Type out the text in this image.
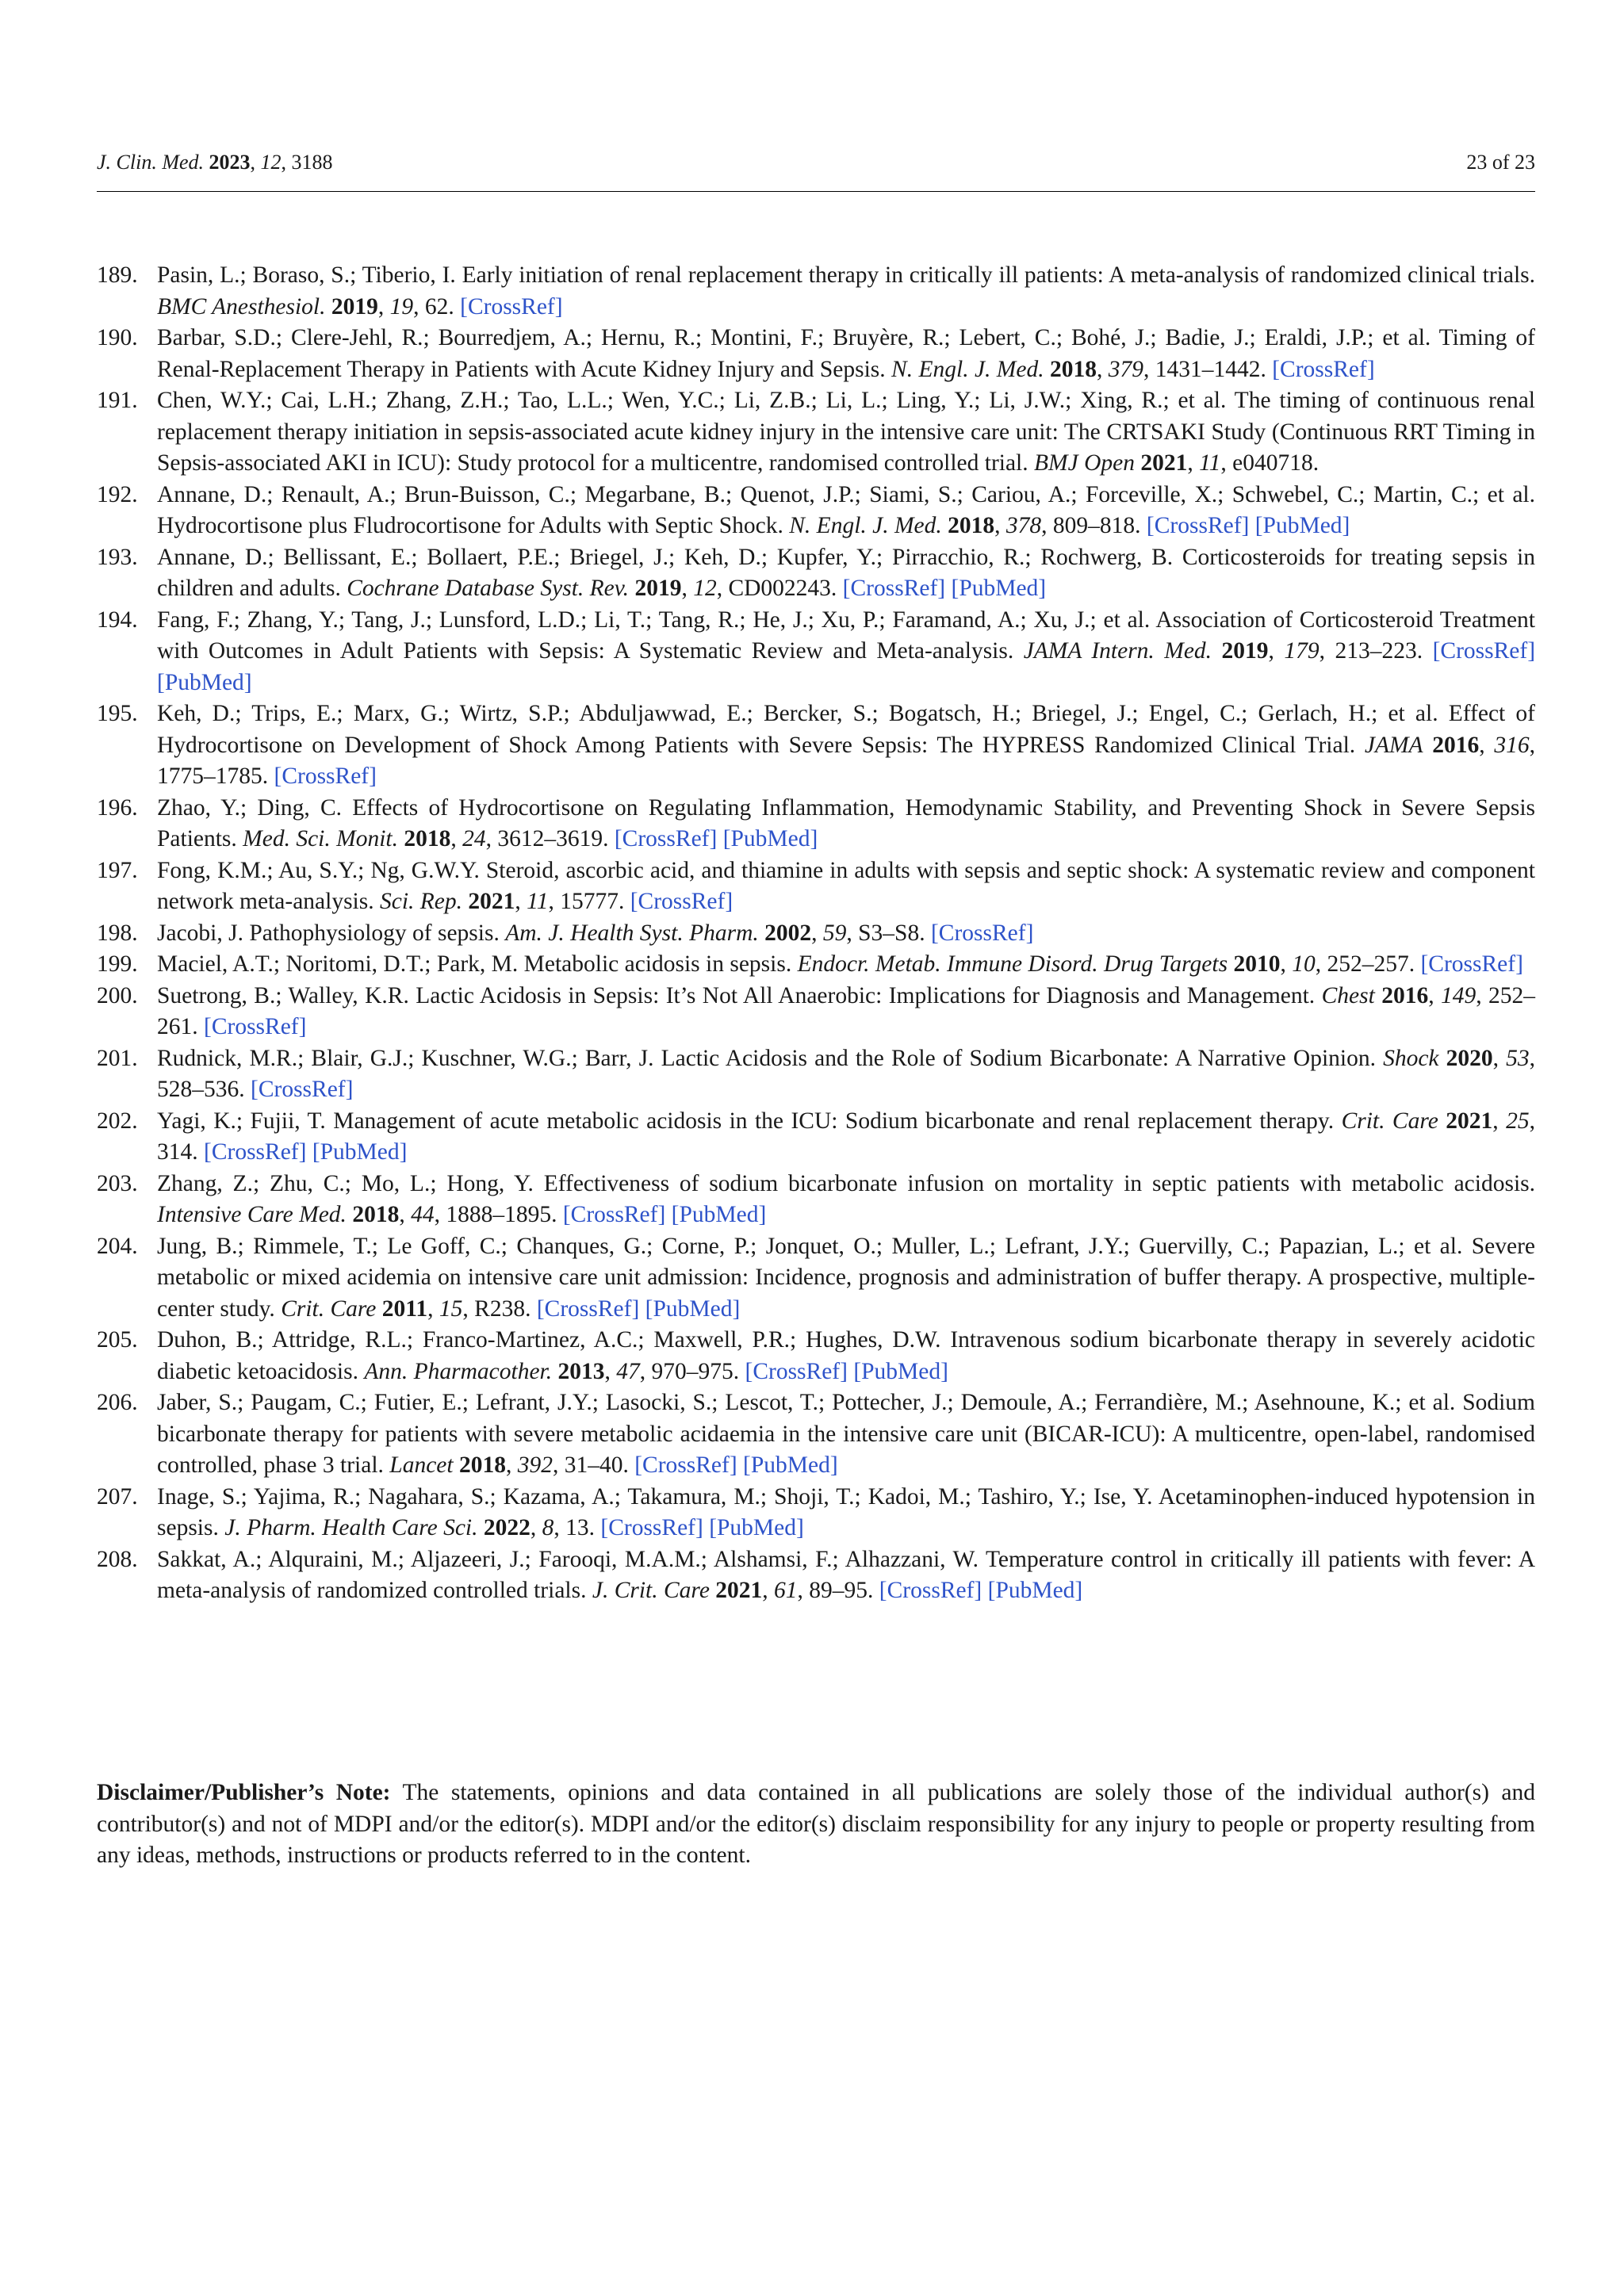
J. Clin. Med. 2023, 12, 3188	23 of 23
189. Pasin, L.; Boraso, S.; Tiberio, I. Early initiation of renal replacement therapy in critically ill patients: A meta-analysis of randomized clinical trials. BMC Anesthesiol. 2019, 19, 62. [CrossRef]
190. Barbar, S.D.; Clere-Jehl, R.; Bourredjem, A.; Hernu, R.; Montini, F.; Bruyère, R.; Lebert, C.; Bohé, J.; Badie, J.; Eraldi, J.P.; et al. Timing of Renal-Replacement Therapy in Patients with Acute Kidney Injury and Sepsis. N. Engl. J. Med. 2018, 379, 1431–1442. [CrossRef]
191. Chen, W.Y.; Cai, L.H.; Zhang, Z.H.; Tao, L.L.; Wen, Y.C.; Li, Z.B.; Li, L.; Ling, Y.; Li, J.W.; Xing, R.; et al. The timing of continuous renal replacement therapy initiation in sepsis-associated acute kidney injury in the intensive care unit: The CRTSAKI Study (Continuous RRT Timing in Sepsis-associated AKI in ICU): Study protocol for a multicentre, randomised controlled trial. BMJ Open 2021, 11, e040718.
192. Annane, D.; Renault, A.; Brun-Buisson, C.; Megarbane, B.; Quenot, J.P.; Siami, S.; Cariou, A.; Forceville, X.; Schwebel, C.; Martin, C.; et al. Hydrocortisone plus Fludrocortisone for Adults with Septic Shock. N. Engl. J. Med. 2018, 378, 809–818. [CrossRef] [PubMed]
193. Annane, D.; Bellissant, E.; Bollaert, P.E.; Briegel, J.; Keh, D.; Kupfer, Y.; Pirracchio, R.; Rochwerg, B. Corticosteroids for treating sepsis in children and adults. Cochrane Database Syst. Rev. 2019, 12, CD002243. [CrossRef] [PubMed]
194. Fang, F.; Zhang, Y.; Tang, J.; Lunsford, L.D.; Li, T.; Tang, R.; He, J.; Xu, P.; Faramand, A.; Xu, J.; et al. Association of Corticosteroid Treatment with Outcomes in Adult Patients with Sepsis: A Systematic Review and Meta-analysis. JAMA Intern. Med. 2019, 179, 213–223. [CrossRef] [PubMed]
195. Keh, D.; Trips, E.; Marx, G.; Wirtz, S.P.; Abduljawwad, E.; Bercker, S.; Bogatsch, H.; Briegel, J.; Engel, C.; Gerlach, H.; et al. Effect of Hydrocortisone on Development of Shock Among Patients with Severe Sepsis: The HYPRESS Randomized Clinical Trial. JAMA 2016, 316, 1775–1785. [CrossRef]
196. Zhao, Y.; Ding, C. Effects of Hydrocortisone on Regulating Inflammation, Hemodynamic Stability, and Preventing Shock in Severe Sepsis Patients. Med. Sci. Monit. 2018, 24, 3612–3619. [CrossRef] [PubMed]
197. Fong, K.M.; Au, S.Y.; Ng, G.W.Y. Steroid, ascorbic acid, and thiamine in adults with sepsis and septic shock: A systematic review and component network meta-analysis. Sci. Rep. 2021, 11, 15777. [CrossRef]
198. Jacobi, J. Pathophysiology of sepsis. Am. J. Health Syst. Pharm. 2002, 59, S3–S8. [CrossRef]
199. Maciel, A.T.; Noritomi, D.T.; Park, M. Metabolic acidosis in sepsis. Endocr. Metab. Immune Disord. Drug Targets 2010, 10, 252–257. [CrossRef]
200. Suetrong, B.; Walley, K.R. Lactic Acidosis in Sepsis: It’s Not All Anaerobic: Implications for Diagnosis and Management. Chest 2016, 149, 252–261. [CrossRef]
201. Rudnick, M.R.; Blair, G.J.; Kuschner, W.G.; Barr, J. Lactic Acidosis and the Role of Sodium Bicarbonate: A Narrative Opinion. Shock 2020, 53, 528–536. [CrossRef]
202. Yagi, K.; Fujii, T. Management of acute metabolic acidosis in the ICU: Sodium bicarbonate and renal replacement therapy. Crit. Care 2021, 25, 314. [CrossRef] [PubMed]
203. Zhang, Z.; Zhu, C.; Mo, L.; Hong, Y. Effectiveness of sodium bicarbonate infusion on mortality in septic patients with metabolic acidosis. Intensive Care Med. 2018, 44, 1888–1895. [CrossRef] [PubMed]
204. Jung, B.; Rimmele, T.; Le Goff, C.; Chanques, G.; Corne, P.; Jonquet, O.; Muller, L.; Lefrant, J.Y.; Guervilly, C.; Papazian, L.; et al. Severe metabolic or mixed acidemia on intensive care unit admission: Incidence, prognosis and administration of buffer therapy. A prospective, multiple-center study. Crit. Care 2011, 15, R238. [CrossRef] [PubMed]
205. Duhon, B.; Attridge, R.L.; Franco-Martinez, A.C.; Maxwell, P.R.; Hughes, D.W. Intravenous sodium bicarbonate therapy in severely acidotic diabetic ketoacidosis. Ann. Pharmacother. 2013, 47, 970–975. [CrossRef] [PubMed]
206. Jaber, S.; Paugam, C.; Futier, E.; Lefrant, J.Y.; Lasocki, S.; Lescot, T.; Pottecher, J.; Demoule, A.; Ferrandière, M.; Asehnoune, K.; et al. Sodium bicarbonate therapy for patients with severe metabolic acidaemia in the intensive care unit (BICAR-ICU): A multicentre, open-label, randomised controlled, phase 3 trial. Lancet 2018, 392, 31–40. [CrossRef] [PubMed]
207. Inage, S.; Yajima, R.; Nagahara, S.; Kazama, A.; Takamura, M.; Shoji, T.; Kadoi, M.; Tashiro, Y.; Ise, Y. Acetaminophen-induced hypotension in sepsis. J. Pharm. Health Care Sci. 2022, 8, 13. [CrossRef] [PubMed]
208. Sakkat, A.; Alquraini, M.; Aljazeeri, J.; Farooqi, M.A.M.; Alshamsi, F.; Alhazzani, W. Temperature control in critically ill patients with fever: A meta-analysis of randomized controlled trials. J. Crit. Care 2021, 61, 89–95. [CrossRef] [PubMed]

Disclaimer/Publisher’s Note: The statements, opinions and data contained in all publications are solely those of the individual author(s) and contributor(s) and not of MDPI and/or the editor(s). MDPI and/or the editor(s) disclaim responsibility for any injury to people or property resulting from any ideas, methods, instructions or products referred to in the content.
